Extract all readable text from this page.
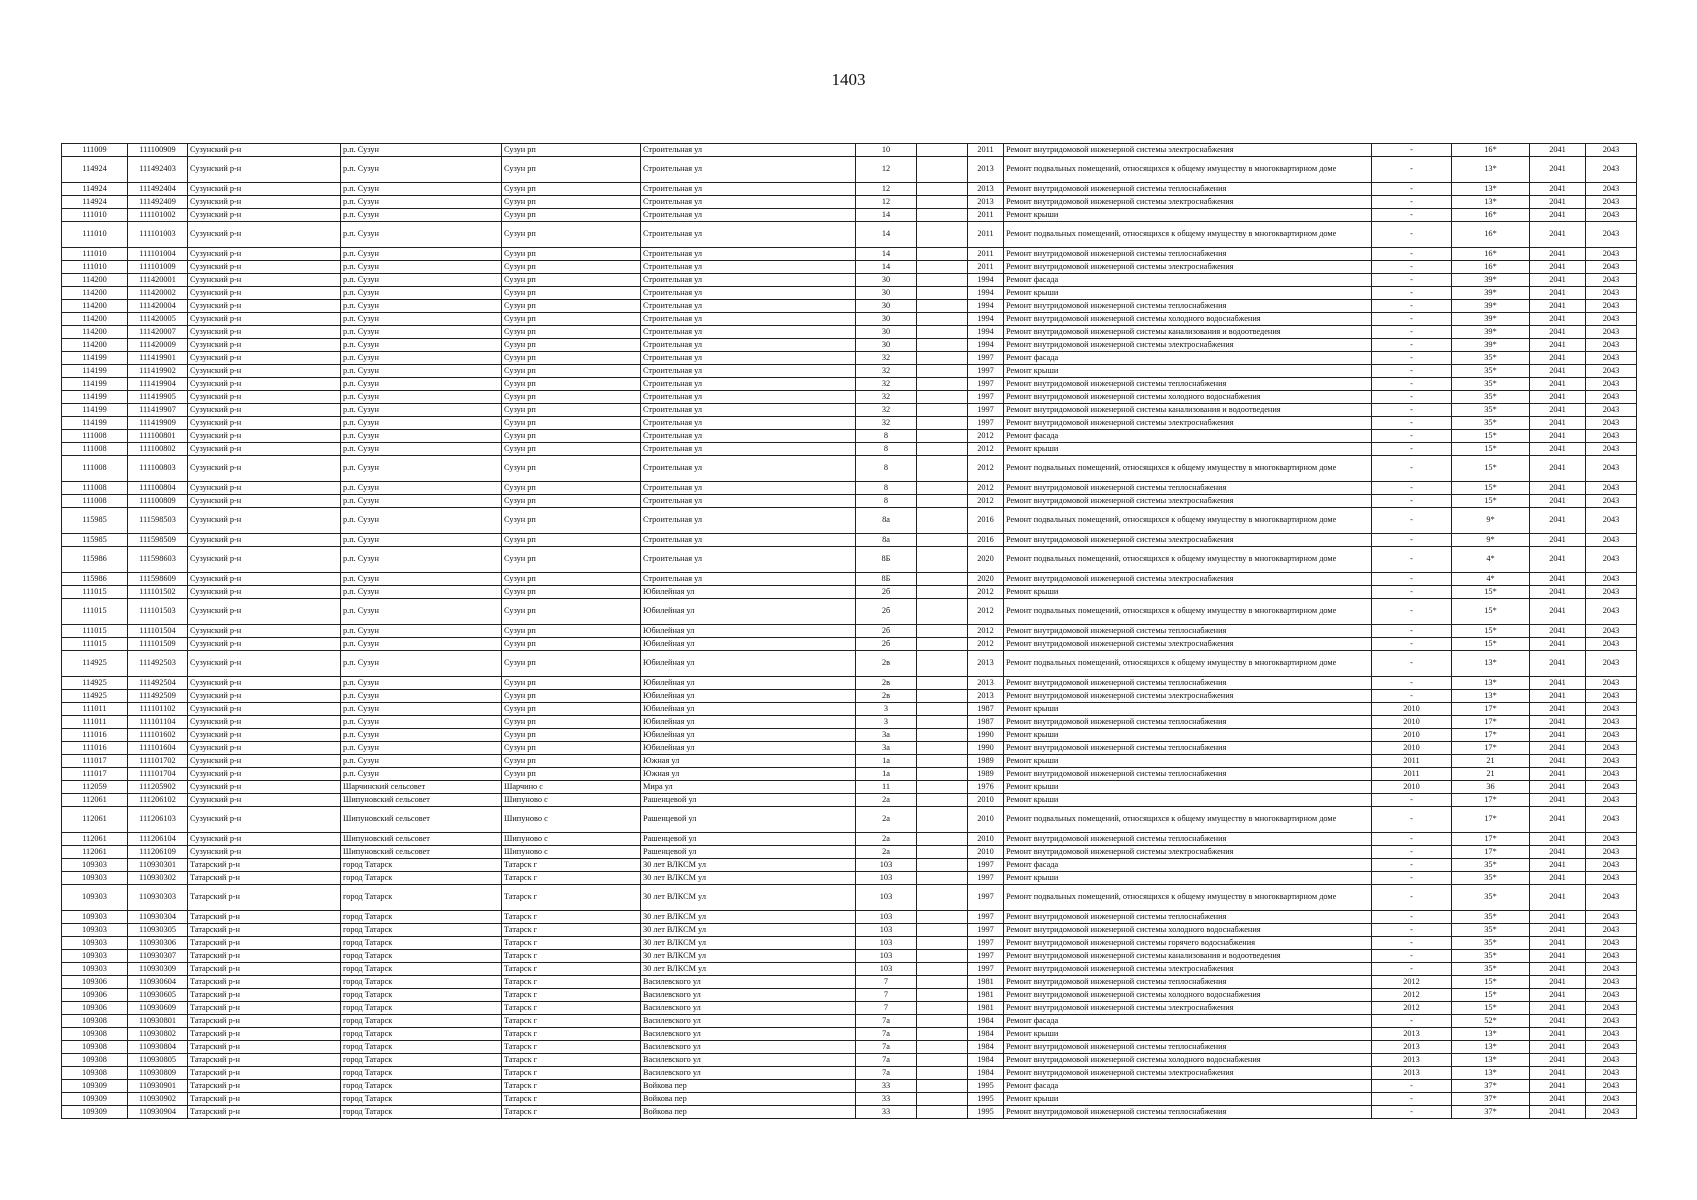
1403
111009	111100909	Сузунский р-н	р.п. Сузун	Сузун рп	Строительная ул	10		2011	Ремонт внутридомовой инженерной системы электроснабжения	-	16*	2041	2043
114924	111492403	Сузунский р-н	р.п. Сузун	Сузун рп	Строительная ул	12		2013	Ремонт подвальных помещений, относящихся к общему имуществу в многоквартирном доме	-	13*	2041	2043
114924	111492404	Сузунский р-н	р.п. Сузун	Сузун рп	Строительная ул	12		2013	Ремонт внутридомовой инженерной системы теплоснабжения	-	13*	2041	2043
114924	111492409	Сузунский р-н	р.п. Сузун	Сузун рп	Строительная ул	12		2013	Ремонт внутридомовой инженерной системы электроснабжения	-	13*	2041	2043
111010	111101002	Сузунский р-н	р.п. Сузун	Сузун рп	Строительная ул	14		2011	Ремонт крыши	-	16*	2041	2043
111010	111101003	Сузунский р-н	р.п. Сузун	Сузун рп	Строительная ул	14		2011	Ремонт подвальных помещений, относящихся к общему имуществу в многоквартирном доме	-	16*	2041	2043
111010	111101004	Сузунский р-н	р.п. Сузун	Сузун рп	Строительная ул	14		2011	Ремонт внутридомовой инженерной системы теплоснабжения	-	16*	2041	2043
111010	111101009	Сузунский р-н	р.п. Сузун	Сузун рп	Строительная ул	14		2011	Ремонт внутридомовой инженерной системы электроснабжения	-	16*	2041	2043
114200	111420001	Сузунский р-н	р.п. Сузун	Сузун рп	Строительная ул	30		1994	Ремонт фасада	-	39*	2041	2043
114200	111420002	Сузунский р-н	р.п. Сузун	Сузун рп	Строительная ул	30		1994	Ремонт крыши	-	39*	2041	2043
114200	111420004	Сузунский р-н	р.п. Сузун	Сузун рп	Строительная ул	30		1994	Ремонт внутридомовой инженерной системы теплоснабжения	-	39*	2041	2043
114200	111420005	Сузунский р-н	р.п. Сузун	Сузун рп	Строительная ул	30		1994	Ремонт внутридомовой инженерной системы холодного водоснабжения	-	39*	2041	2043
114200	111420007	Сузунский р-н	р.п. Сузун	Сузун рп	Строительная ул	30		1994	Ремонт внутридомовой инженерной системы канализования и водоотведения	-	39*	2041	2043
114200	111420009	Сузунский р-н	р.п. Сузун	Сузун рп	Строительная ул	30		1994	Ремонт внутридомовой инженерной системы электроснабжения	-	39*	2041	2043
114199	111419901	Сузунский р-н	р.п. Сузун	Сузун рп	Строительная ул	32		1997	Ремонт фасада	-	35*	2041	2043
114199	111419902	Сузунский р-н	р.п. Сузун	Сузун рп	Строительная ул	32		1997	Ремонт крыши	-	35*	2041	2043
114199	111419904	Сузунский р-н	р.п. Сузун	Сузун рп	Строительная ул	32		1997	Ремонт внутридомовой инженерной системы теплоснабжения	-	35*	2041	2043
114199	111419905	Сузунский р-н	р.п. Сузун	Сузун рп	Строительная ул	32		1997	Ремонт внутридомовой инженерной системы холодного водоснабжения	-	35*	2041	2043
114199	111419907	Сузунский р-н	р.п. Сузун	Сузун рп	Строительная ул	32		1997	Ремонт внутридомовой инженерной системы канализования и водоотведения	-	35*	2041	2043
114199	111419909	Сузунский р-н	р.п. Сузун	Сузун рп	Строительная ул	32		1997	Ремонт внутридомовой инженерной системы электроснабжения	-	35*	2041	2043
111008	111100801	Сузунский р-н	р.п. Сузун	Сузун рп	Строительная ул	8		2012	Ремонт фасада	-	15*	2041	2043
111008	111100802	Сузунский р-н	р.п. Сузун	Сузун рп	Строительная ул	8		2012	Ремонт крыши	-	15*	2041	2043
111008	111100803	Сузунский р-н	р.п. Сузун	Сузун рп	Строительная ул	8		2012	Ремонт подвальных помещений, относящихся к общему имуществу в многоквартирном доме	-	15*	2041	2043
111008	111100804	Сузунский р-н	р.п. Сузун	Сузун рп	Строительная ул	8		2012	Ремонт внутридомовой инженерной системы теплоснабжения	-	15*	2041	2043
111008	111100809	Сузунский р-н	р.п. Сузун	Сузун рп	Строительная ул	8		2012	Ремонт внутридомовой инженерной системы электроснабжения	-	15*	2041	2043
115985	111598503	Сузунский р-н	р.п. Сузун	Сузун рп	Строительная ул	8а		2016	Ремонт подвальных помещений, относящихся к общему имуществу в многоквартирном доме	-	9*	2041	2043
115985	111598509	Сузунский р-н	р.п. Сузун	Сузун рп	Строительная ул	8а		2016	Ремонт внутридомовой инженерной системы электроснабжения	-	9*	2041	2043
115986	111598603	Сузунский р-н	р.п. Сузун	Сузун рп	Строительная ул	8Б		2020	Ремонт подвальных помещений, относящихся к общему имуществу в многоквартирном доме	-	4*	2041	2043
115986	111598609	Сузунский р-н	р.п. Сузун	Сузун рп	Строительная ул	8Б		2020	Ремонт внутридомовой инженерной системы электроснабжения	-	4*	2041	2043
111015	111101502	Сузунский р-н	р.п. Сузун	Сузун рп	Юбилейная ул	2б		2012	Ремонт крыши	-	15*	2041	2043
111015	111101503	Сузунский р-н	р.п. Сузун	Сузун рп	Юбилейная ул	2б		2012	Ремонт подвальных помещений, относящихся к общему имуществу в многоквартирном доме	-	15*	2041	2043
111015	111101504	Сузунский р-н	р.п. Сузун	Сузун рп	Юбилейная ул	2б		2012	Ремонт внутридомовой инженерной системы теплоснабжения	-	15*	2041	2043
111015	111101509	Сузунский р-н	р.п. Сузун	Сузун рп	Юбилейная ул	2б		2012	Ремонт внутридомовой инженерной системы электроснабжения	-	15*	2041	2043
114925	111492503	Сузунский р-н	р.п. Сузун	Сузун рп	Юбилейная ул	2в		2013	Ремонт подвальных помещений, относящихся к общему имуществу в многоквартирном доме	-	13*	2041	2043
114925	111492504	Сузунский р-н	р.п. Сузун	Сузун рп	Юбилейная ул	2в		2013	Ремонт внутридомовой инженерной системы теплоснабжения	-	13*	2041	2043
114925	111492509	Сузунский р-н	р.п. Сузун	Сузун рп	Юбилейная ул	2в		2013	Ремонт внутридомовой инженерной системы электроснабжения	-	13*	2041	2043
111011	111101102	Сузунский р-н	р.п. Сузун	Сузун рп	Юбилейная ул	3		1987	Ремонт крыши	2010	17*	2041	2043
111011	111101104	Сузунский р-н	р.п. Сузун	Сузун рп	Юбилейная ул	3		1987	Ремонт внутридомовой инженерной системы теплоснабжения	2010	17*	2041	2043
111016	111101602	Сузунский р-н	р.п. Сузун	Сузун рп	Юбилейная ул	3а		1990	Ремонт крыши	2010	17*	2041	2043
111016	111101604	Сузунский р-н	р.п. Сузун	Сузун рп	Юбилейная ул	3а		1990	Ремонт внутридомовой инженерной системы теплоснабжения	2010	17*	2041	2043
111017	111101702	Сузунский р-н	р.п. Сузун	Сузун рп	Южная ул	1а		1989	Ремонт крыши	2011	21	2041	2043
111017	111101704	Сузунский р-н	р.п. Сузун	Сузун рп	Южная ул	1а		1989	Ремонт внутридомовой инженерной системы теплоснабжения	2011	21	2041	2043
112059	111205902	Сузунский р-н	Шарчинский сельсовет	Шарчино с	Мира ул	11		1976	Ремонт крыши	2010	36	2041	2043
112061	111206102	Сузунский р-н	Шипуновский сельсовет	Шипуново с	Рашенцевой ул	2а		2010	Ремонт крыши	-	17*	2041	2043
112061	111206103	Сузунский р-н	Шипуновский сельсовет	Шипуново с	Рашенцевой ул	2а		2010	Ремонт подвальных помещений, относящихся к общему имуществу в многоквартирном доме	-	17*	2041	2043
112061	111206104	Сузунский р-н	Шипуновский сельсовет	Шипуново с	Рашенцевой ул	2а		2010	Ремонт внутридомовой инженерной системы теплоснабжения	-	17*	2041	2043
112061	111206109	Сузунский р-н	Шипуновский сельсовет	Шипуново с	Рашенцевой ул	2а		2010	Ремонт внутридомовой инженерной системы электроснабжения	-	17*	2041	2043
109303	110930301	Татарский р-н	город Татарск	Татарск г	30 лет ВЛКСМ ул	103		1997	Ремонт фасада	-	35*	2041	2043
109303	110930302	Татарский р-н	город Татарск	Татарск г	30 лет ВЛКСМ ул	103		1997	Ремонт крыши	-	35*	2041	2043
109303	110930303	Татарский р-н	город Татарск	Татарск г	30 лет ВЛКСМ ул	103		1997	Ремонт подвальных помещений, относящихся к общему имуществу в многоквартирном доме	-	35*	2041	2043
109303	110930304	Татарский р-н	город Татарск	Татарск г	30 лет ВЛКСМ ул	103		1997	Ремонт внутридомовой инженерной системы теплоснабжения	-	35*	2041	2043
109303	110930305	Татарский р-н	город Татарск	Татарск г	30 лет ВЛКСМ ул	103		1997	Ремонт внутридомовой инженерной системы холодного водоснабжения	-	35*	2041	2043
109303	110930306	Татарский р-н	город Татарск	Татарск г	30 лет ВЛКСМ ул	103		1997	Ремонт внутридомовой инженерной системы горячего водоснабжения	-	35*	2041	2043
109303	110930307	Татарский р-н	город Татарск	Татарск г	30 лет ВЛКСМ ул	103		1997	Ремонт внутридомовой инженерной системы канализования и водоотведения	-	35*	2041	2043
109303	110930309	Татарский р-н	город Татарск	Татарск г	30 лет ВЛКСМ ул	103		1997	Ремонт внутридомовой инженерной системы электроснабжения	-	35*	2041	2043
109306	110930604	Татарский р-н	город Татарск	Татарск г	Василевского ул	7		1981	Ремонт внутридомовой инженерной системы теплоснабжения	2012	15*	2041	2043
109306	110930605	Татарский р-н	город Татарск	Татарск г	Василевского ул	7		1981	Ремонт внутридомовой инженерной системы холодного водоснабжения	2012	15*	2041	2043
109306	110930609	Татарский р-н	город Татарск	Татарск г	Василевского ул	7		1981	Ремонт внутридомовой инженерной системы электроснабжения	2012	15*	2041	2043
109308	110930801	Татарский р-н	город Татарск	Татарск г	Василевского ул	7а		1984	Ремонт фасада	-	52*	2041	2043
109308	110930802	Татарский р-н	город Татарск	Татарск г	Василевского ул	7а		1984	Ремонт крыши	2013	13*	2041	2043
109308	110930804	Татарский р-н	город Татарск	Татарск г	Василевского ул	7а		1984	Ремонт внутридомовой инженерной системы теплоснабжения	2013	13*	2041	2043
109308	110930805	Татарский р-н	город Татарск	Татарск г	Василевского ул	7а		1984	Ремонт внутридомовой инженерной системы холодного водоснабжения	2013	13*	2041	2043
109308	110930809	Татарский р-н	город Татарск	Татарск г	Василевского ул	7а		1984	Ремонт внутридомовой инженерной системы электроснабжения	2013	13*	2041	2043
109309	110930901	Татарский р-н	город Татарск	Татарск г	Войкова пер	33		1995	Ремонт фасада	-	37*	2041	2043
109309	110930902	Татарский р-н	город Татарск	Татарск г	Войкова пер	33		1995	Ремонт крыши	-	37*	2041	2043
109309	110930904	Татарский р-н	город Татарск	Татарск г	Войкова пер	33		1995	Ремонт внутридомовой инженерной системы теплоснабжения	-	37*	2041	2043
